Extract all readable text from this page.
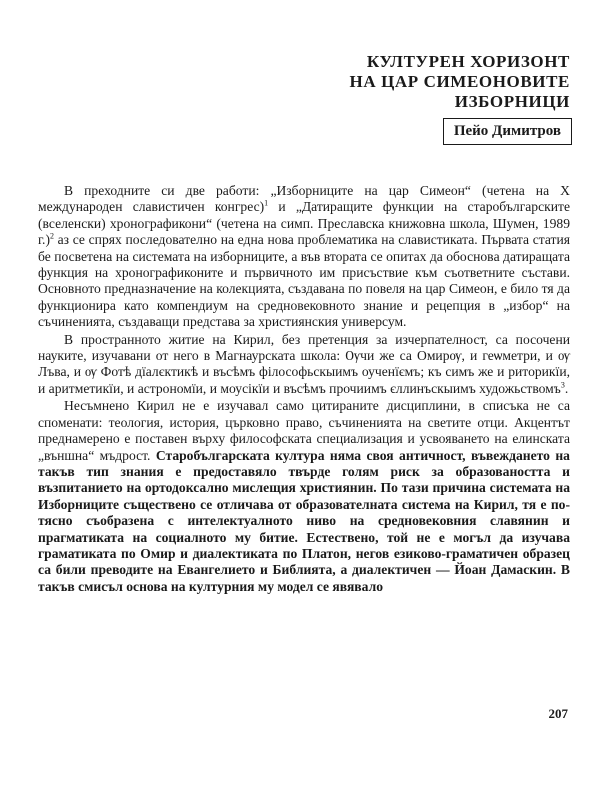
КУЛТУРЕН ХОРИЗОНТ
НА ЦАР СИМЕОНОВИТЕ
ИЗБОРНИЦИ
Пейо Димитров

В преходните си две работи: „Изборниците на цар Симеон“ (четена на X международен славистичен конгрес)$^1$ и „Датиращите функции на старобългарските (вселенски) хронографикони“ (четена на симп. Преславска книжовна школа, Шумен, 1989 г.)$^2$ аз се спрях последователно на една нова проблематика на славистиката. Първата статия бе посветена на системата на изборниците, а във втората се опитах да обосновa датиращата функция на хронографиконите и първичното им присъствие към съответните състави. Основното предназначение на колекцията, създавана по повеля на цар Симеон, е било тя да функционира като компендиум на средновековното знание и рецепция в „избор“ на съчиненията, създаващи представа за християнския универсум.

В пространното житие на Кирил, без претенция за изчерпателност, са посочени науките, изучавани от него в Магнаурската школа: Ѹчи же са Омирѹ, и геѡметри, и ѹ Лъва, и ѹ Фотѣ дїалєктикѣ и въсѣмъ філософьскыимъ оученїємъ; къ симъ же и риторикїи, и аритметикїи, и астрономїи, и моусікїи и въсѣмъ прочиимъ єллинъскыимъ художьствомъ$^3$.

Несъмнено Кирил не е изучавал само цитираните дисциплини, в списъка не са споменати: теология, история, църковно право, съчиненията на светите отци. Акцентът преднамерено е поставен върху философската специализация и усвояването на елинската „външна“ мъдрост. Старобългарската култура няма своя античност, въвеждането на такъв тип знания е предоставяло твърде голям риск за образоваността и възпитанието на ортодоксално мислещия християнин. По тази причина системата на Изборниците съществено се отличава от образователната система на Кирил, тя е по-тясно съобразена с интелектуалното ниво на средновековния славянин и прагматиката на социалното му битие. Естествено, той не е могъл да изучава граматиката по Омир и диалектиката по Платон, негов езиково-граматичен образец са били преводите на Евангелието и Библията, а диалектичен — Йоан Дамаскин. В такъв смисъл основа на културния му модел се явявало

207
